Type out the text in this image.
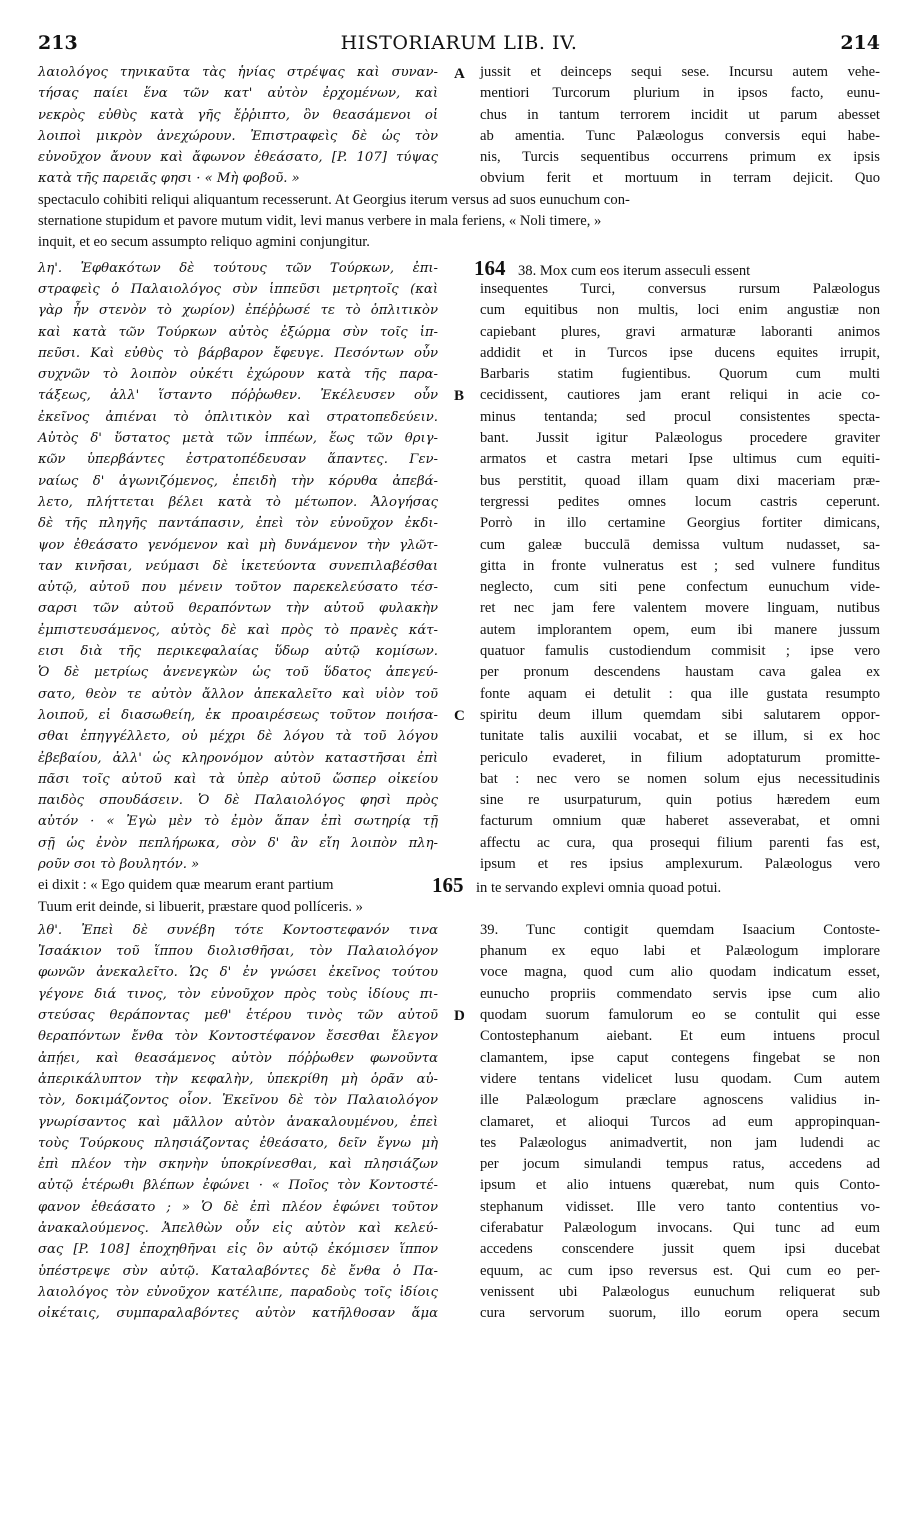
213	HISTORIARUM LIB. IV.	214
A
λαιολόγος τηνικαῦτα τὰς ἡνίας στρέψας καὶ συναν-
τήσας παίει ἕνα τῶν κατ' αὐτὸν ἐρχομένων, καὶ
νεκρὸς εὐθὺς κατὰ γῆς ἔῤῥιπτο, ὃν θεασάμενοι οἱ
λοιποὶ μικρὸν ἀνεχώρουν. Ἐπιστραφεὶς δὲ ὡς τὸν
εὐνοῦχον ἄνουν καὶ ἄφωνον ἐθεάσατο, [P. 107] τύψας
κατὰ τῆς παρειᾶς φησι · « Μὴ φοβοῦ. »
jussit et deinceps sequi sese. Incursu autem vehe-
mentiori Turcorum plurium in ipsos facto, eunu-
chus in tantum terrorem incidit ut parum abesset
ab amentia. Tunc Palæologus conversis equi habe-
nis, Turcis sequentibus occurrens primum ex ipsis
obvium ferit et mortuum in terram dejicit. Quo
spectaculo cohibiti reliqui aliquantum recesserunt. At Georgius iterum versus ad suos eunuchum con-
sternatione stupidum et pavore mutum vidit, levi manus verbere in mala feriens, « Noli timere, »
inquit, et eo secum assumpto reliquo agmini conjungitur.
B
C
λη'. Ἐφθακότων δὲ τούτους τῶν Τούρκων, ἐπι-
στραφεὶς ὁ Παλαιολόγος σὺν ἱππεῦσι μετρητοῖς (καὶ
γὰρ ἦν στενὸν τὸ χωρίον) ἐπέῤῥωσέ τε τὸ ὁπλιτικὸν
καὶ κατὰ τῶν Τούρκων αὐτὸς ἐξώρμα σὺν τοῖς ἱπ-
πεῦσι. Καὶ εὐθὺς τὸ βάρβαρον ἔφευγε. Πεσόντων οὖν
συχνῶν τὸ λοιπὸν οὐκέτι ἐχώρουν κατὰ τῆς παρα-
τάξεως, ἀλλ' ἵσταντο πόῤῥωθεν. Ἐκέλευσεν οὖν
ἐκεῖνος ἀπιέναι τὸ ὁπλιτικὸν καὶ στρατοπεδεύειν.
Αὐτὸς δ' ὕστατος μετὰ τῶν ἱππέων, ἕως τῶν θριγ-
κῶν ὑπερβάντες ἐστρατοπέδευσαν ἅπαντες. Γεν-
ναίως δ' ἀγωνιζόμενος, ἐπειδὴ τὴν κόρυθα ἀπεβά-
λετο, πλήττεται βέλει κατὰ τὸ μέτωπον. Ἀλογήσας
δὲ τῆς πληγῆς παντάπασιν, ἐπεὶ τὸν εὐνοῦχον ἐκδι-
ψον ἐθεάσατο γενόμενον καὶ μὴ δυνάμενον τὴν γλῶτ-
ταν κινῆσαι, νεύμασι δὲ ἱκετεύοντα συνεπιλαβέσθαι
αὐτῷ, αὐτοῦ που μένειν τοῦτον παρεκελεύσατο τέσ-
σαρσι τῶν αὐτοῦ θεραπόντων τὴν αὐτοῦ φυλακὴν
ἐμπιστευσάμενος, αὐτὸς δὲ καὶ πρὸς τὸ πρανὲς κάτ-
εισι διὰ τῆς περικεφαλαίας ὕδωρ αὐτῷ κομίσων.
Ὁ δὲ μετρίως ἀνενεγκὼν ὡς τοῦ ὕδατος ἀπεγεύ-
σατο, θεὸν τε αὐτὸν ἄλλον ἀπεκαλεῖτο καὶ υἱὸν τοῦ
λοιποῦ, εἰ διασωθείη, ἐκ προαιρέσεως τοῦτον ποιήσα-
σθαι ἐπηγγέλλετο, οὐ μέχρι δὲ λόγου τὰ τοῦ λόγου
ἐβεβαίου, ἀλλ' ὡς κληρονόμον αὐτὸν καταστῆσαι ἐπὶ
πᾶσι τοῖς αὐτοῦ καὶ τὰ ὑπὲρ αὐτοῦ ὥσπερ οἰκείου
παιδὸς σπουδάσειν. Ὁ δὲ Παλαιολόγος φησὶ πρὸς
αὐτόν · « Ἐγὼ μὲν τὸ ἐμὸν ἅπαν ἐπὶ σωτηρίᾳ τῇ
σῇ ὡς ἐνὸν πεπλήρωκα, σὸν δ' ἂν εἴη λοιπὸν πλη-
ροῦν σοι τὸ βουλητόν. »
164 38. Mox cum eos iterum asseculi essent
insequentes Turci, conversus rursum Palæologus
cum equitibus non multis, loci enim angustiæ non
capiebant plures, gravi armaturæ laboranti animos
addidit et in Turcos ipse ducens equites irrupit,
Barbaris statim fugientibus. Quorum cum multi
cecidissent, cautiores jam erant reliqui in acie co-
minus tentanda; sed procul consistentes specta-
bant. Jussit igitur Palæologus procedere graviter
armatos et castra metari Ipse ultimus cum equiti-
bus perstitit, quoad illam quam dixi maceriam præ-
tergressi pedites omnes locum castris ceperunt.
Porrò in illo certamine Georgius fortiter dimicans,
cum galeæ bucculā demissa vultum nudasset, sa-
gitta in fronte vulneratus est ; sed vulnere funditus
neglecto, cum siti pene confectum eunuchum vide-
ret nec jam fere valentem movere linguam, nutibus
autem implorantem opem, eum ibi manere jussum
quatuor famulis custodiendum commisit ; ipse vero
per pronum descendens haustam cava galea ex
fonte aquam ei detulit : qua ille gustata resumpto
spiritu deum illum quemdam sibi salutarem oppor-
tunitate talis auxilii vocabat, et se illum, si ex hoc
periculo evaderet, in filium adoptaturum promitte-
bat : nec vero se nomen solum ejus necessitudinis
sine re usurpaturum, quin potius hæredem eum
facturum omnium quæ haberet asseverabat, et omni
affectu ac cura, qua prosequi filium parenti fas est,
ipsum et res ipsius amplexurum. Palæologus vero
ei dixit : « Ego quidem quæ mearum erant partium	165 in te servando explevi omnia quoad potui.
Tuum erit deinde, si libuerit, præstare quod pollíceris. »
D
λθ'. Ἐπεὶ δὲ συνέβη τότε Κοντοστεφανόν τινα
Ἰσαάκιον τοῦ ἵππου διολισθῆσαι, τὸν Παλαιολόγον
φωνῶν ἀνεκαλεῖτο. Ὡς δ' ἐν γνώσει ἐκεῖνος τούτου
γέγονε διά τινος, τὸν εὐνοῦχον πρὸς τοὺς ἰδίους πι-
στεύσας θεράποντας μεθ' ἑτέρου τινὸς τῶν αὐτοῦ
θεραπόντων ἔνθα τὸν Κοντοστέφανον ἔσεσθαι ἔλεγον
ἀπῄει, καὶ θεασάμενος αὐτὸν πόῤῥωθεν φωνοῦντα
ἀπερικάλυπτον τὴν κεφαλὴν, ὑπεκρίθη μὴ ὁρᾶν αὐ-
τὸν, δοκιμάζοντος οἷον. Ἐκεῖνου δὲ τὸν Παλαιολόγον
γνωρίσαντος καὶ μᾶλλον αὐτὸν ἀνακαλουμένου, ἐπεὶ
τοὺς Τούρκους πλησιάζοντας ἐθεάσατο, δεῖν ἔγνω μὴ
ἐπὶ πλέον τὴν σκηνὴν ὑποκρίνεσθαι, καὶ πλησιάζων
αὐτῷ ἑτέρωθι βλέπων ἐφώνει · « Ποῖος τὸν Κοντοστέ-
φανον ἐθεάσατο ; » Ὁ δὲ ἐπὶ πλέον ἐφώνει τοῦτον
ἀνακαλούμενος. Ἀπελθὼν οὖν εἰς αὐτὸν καὶ κελεύ-
σας [P. 108] ἐποχηθῆναι εἰς ὃν αὐτῷ ἐκόμισεν ἵππον
ὑπέστρεψε σὺν αὐτῷ. Καταλαβόντες δὲ ἔνθα ὁ Πα-
λαιολόγος τὸν εὐνοῦχον κατέλιπε, παραδοὺς τοῖς ἰδίοις
οἰκέταις, συμπαραλαβόντες αὐτὸν κατῆλθοσαν ἅμα
39. Tunc contigit quemdam Isaacium Contoste-
phanum ex equo labi et Palæologum implorare
voce magna, quod cum alio quodam indicatum esset,
eunucho propriis commendato servis ipse cum alio
quodam suorum famulorum eo se contulit qui esse
Contostephanum aiebant. Et eum intuens procul
clamantem, ipse caput contegens fingebat se non
videre tentans videlicet lusu quodam. Cum autem
ille Palæologum præclare agnoscens validius in-
clamaret, et alioqui Turcos ad eum appropinquan-
tes Palæologus animadvertit, non jam ludendi ac
per jocum simulandi tempus ratus, accedens ad
ipsum et alio intuens quærebat, num quis Conto-
stephanum vidisset. Ille vero tanto contentius vo-
ciferabatur Palæologum invocans. Qui tunc ad eum
accedens conscendere jussit quem ipsi ducebat
equum, ac cum ipso reversus est. Qui cum eo per-
venissent ubi Palæologus eunuchum reliquerat sub
cura servorum suorum, illo eorum opera secum
